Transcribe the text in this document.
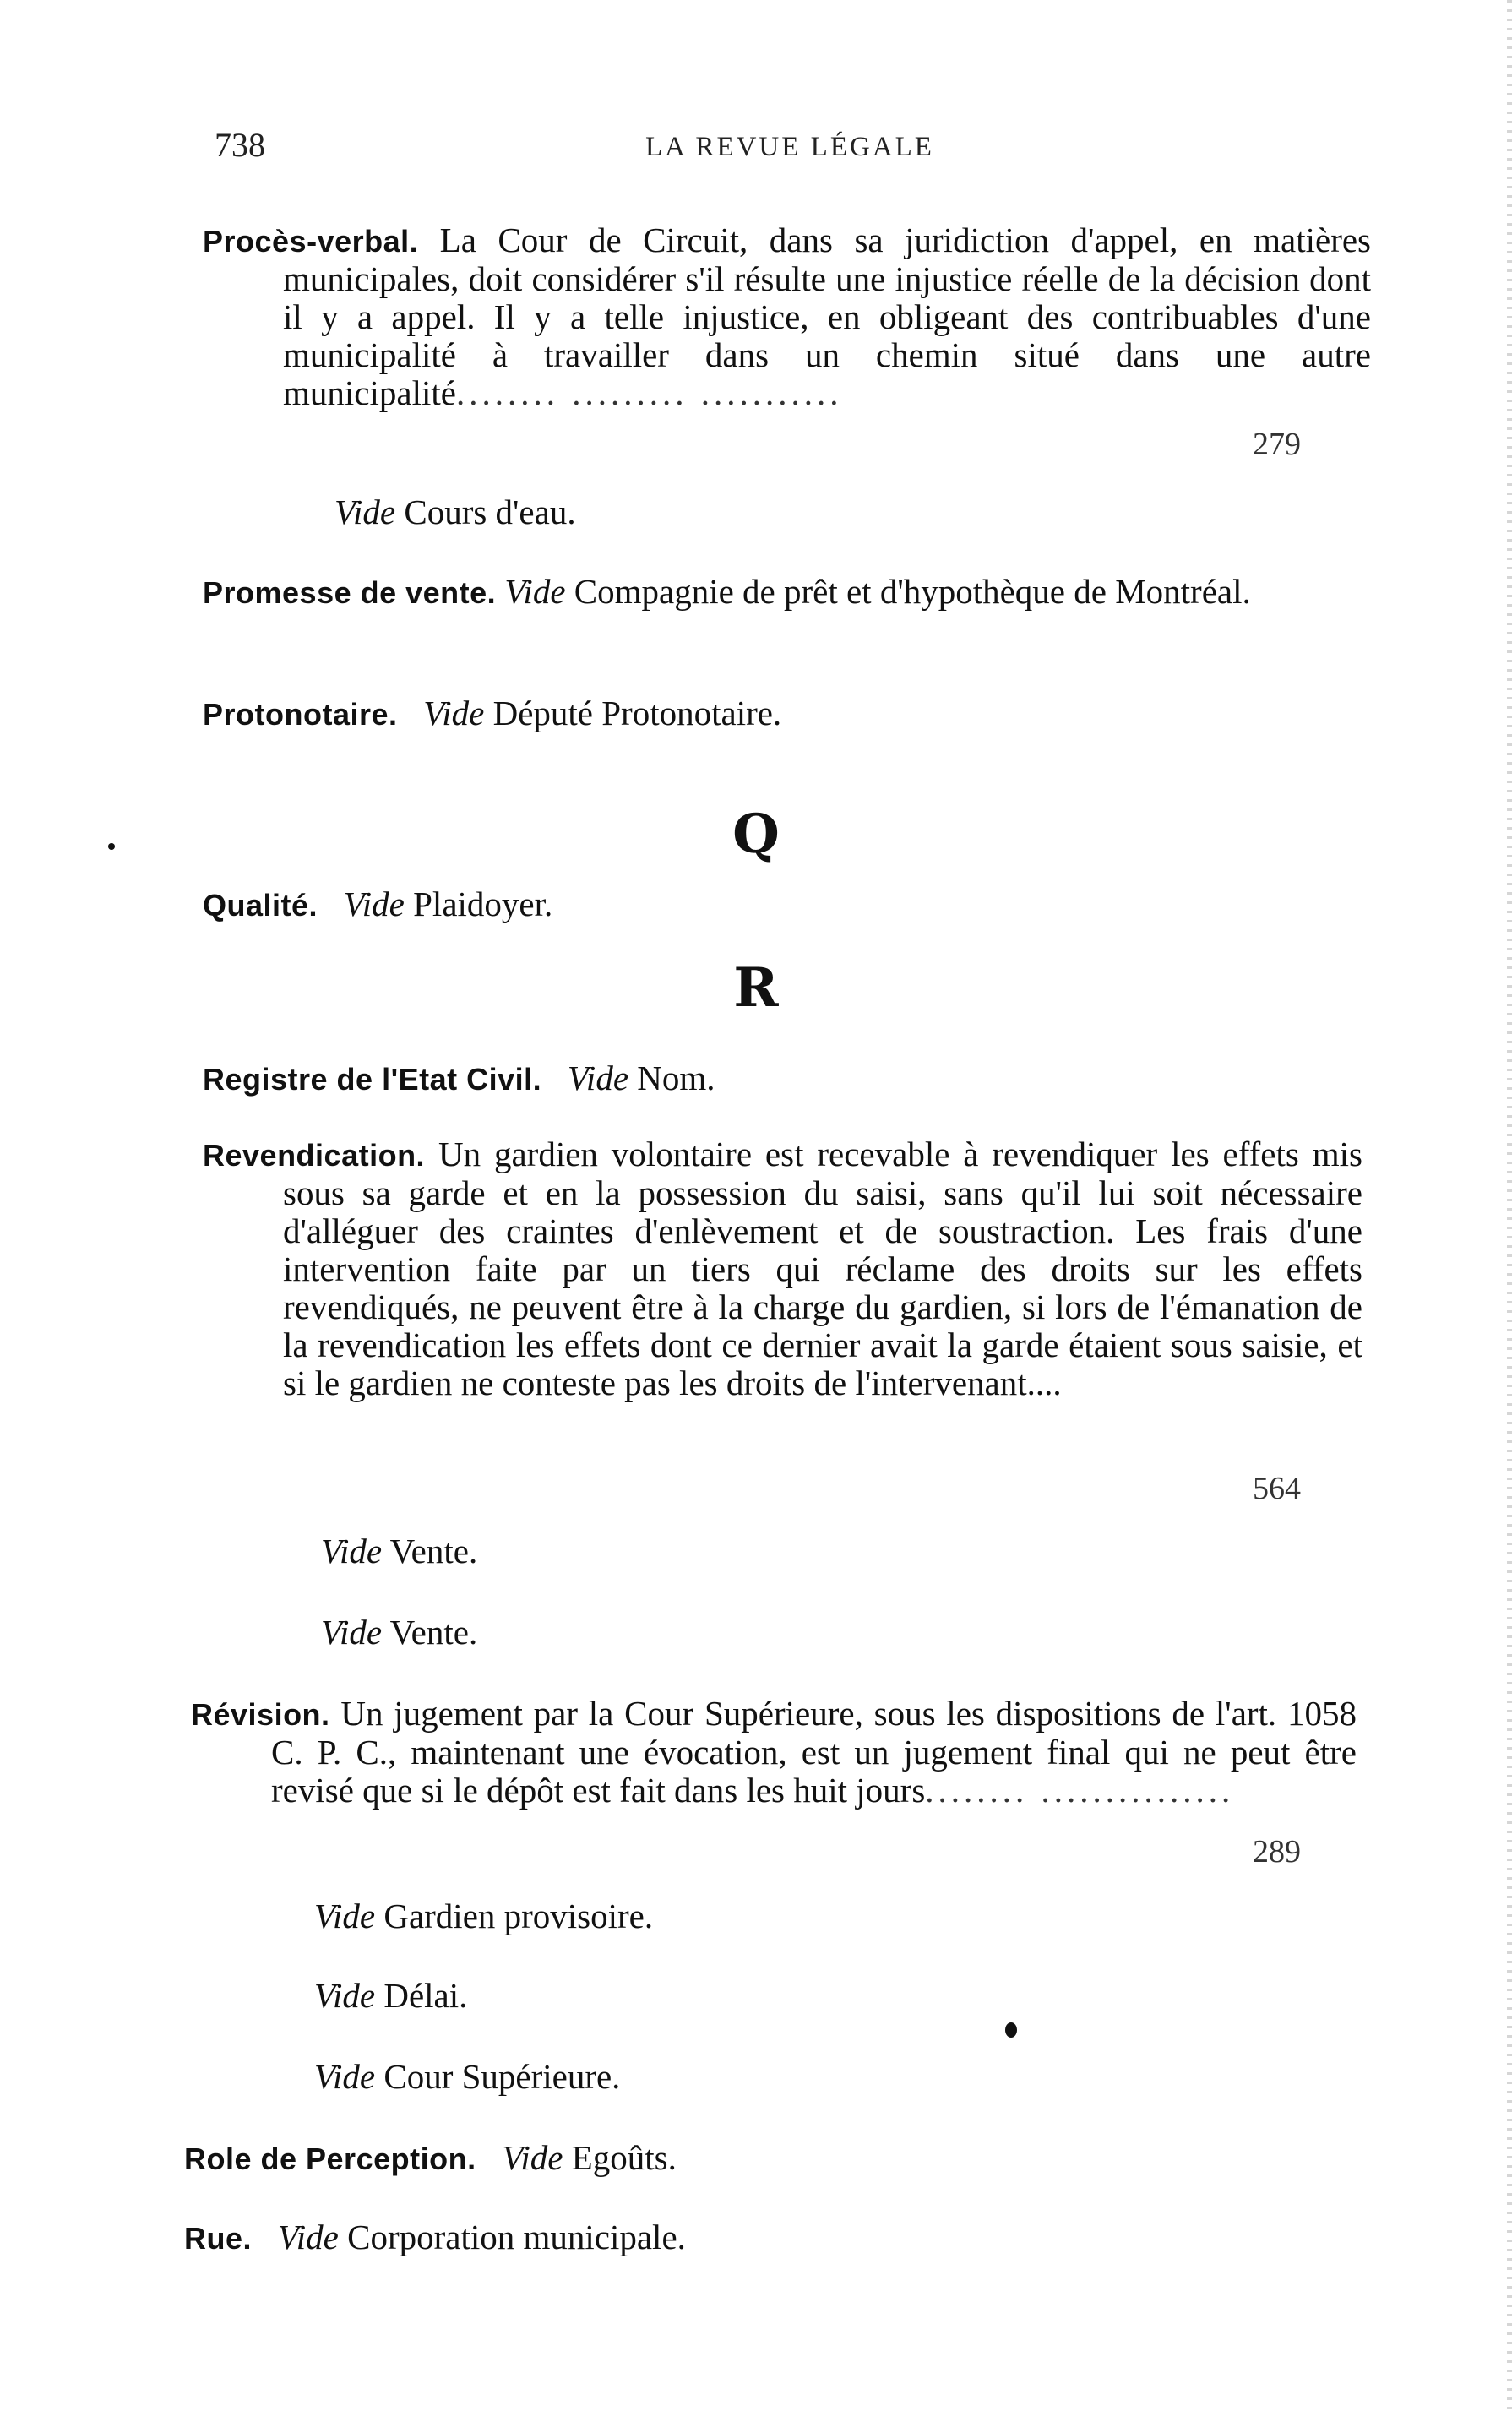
738	LA REVUE LÉGALE
Procès-verbal. La Cour de Circuit, dans sa juridiction d'appel, en matières municipales, doit considérer s'il résulte une injustice réelle de la décision dont il y a appel. Il y a telle injustice, en obligeant des contribuables d'une municipalité à travailler dans un chemin situé dans une autre municipalité........ ......... ...........
279
Vide Cours d'eau.
Promesse de vente. Vide Compagnie de prêt et d'hypothèque de Montréal.
Protonotaire. Vide Député Protonotaire.
Q
Qualité. Vide Plaidoyer.
R
Registre de l'Etat Civil. Vide Nom.
Revendication. Un gardien volontaire est recevable à revendiquer les effets mis sous sa garde et en la possession du saisi, sans qu'il lui soit nécessaire d'alléguer des craintes d'enlèvement et de soustraction. Les frais d'une intervention faite par un tiers qui réclame des droits sur les effets revendiqués, ne peuvent être à la charge du gardien, si lors de l'émanation de la revendication les effets dont ce dernier avait la garde étaient sous saisie, et si le gardien ne conteste pas les droits de l'intervenant....
564
Vide Vente.
Vide Vente.
Révision. Un jugement par la Cour Supérieure, sous les dispositions de l'art. 1058 C. P. C., maintenant une évocation, est un jugement final qui ne peut être revisé que si le dépôt est fait dans les huit jours........ ...............
289
Vide Gardien provisoire.
Vide Délai.
Vide Cour Supérieure.
Role de Perception. Vide Egoûts.
Rue. Vide Corporation municipale.
